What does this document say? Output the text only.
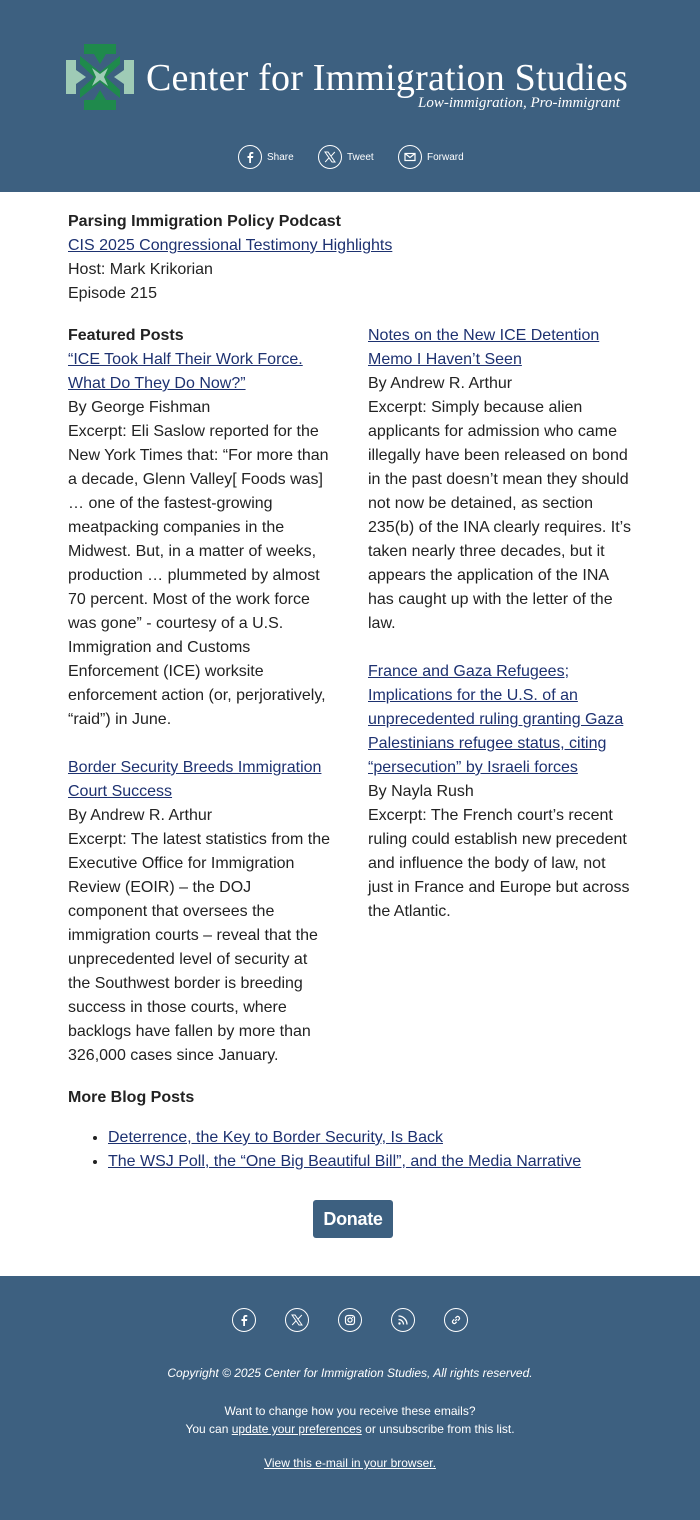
Center for Immigration Studies
Low-immigration, Pro-immigrant
Share	Tweet	Forward
Parsing Immigration Policy Podcast
CIS 2025 Congressional Testimony Highlights
Host: Mark Krikorian
Episode 215
Featured Posts
“ICE Took Half Their Work Force. What Do They Do Now?”
By George Fishman
Excerpt: Eli Saslow reported for the New York Times that: “For more than a decade, Glenn Valley[ Foods was] … one of the fastest-growing meatpacking companies in the Midwest. But, in a matter of weeks, production … plummeted by almost 70 percent. Most of the work force was gone” - courtesy of a U.S. Immigration and Customs Enforcement (ICE) worksite enforcement action (or, perjoratively, “raid”) in June.
Border Security Breeds Immigration Court Success
By Andrew R. Arthur
Excerpt: The latest statistics from the Executive Office for Immigration Review (EOIR) – the DOJ component that oversees the immigration courts – reveal that the unprecedented level of security at the Southwest border is breeding success in those courts, where backlogs have fallen by more than 326,000 cases since January.
Notes on the New ICE Detention Memo I Haven’t Seen
By Andrew R. Arthur
Excerpt: Simply because alien applicants for admission who came illegally have been released on bond in the past doesn’t mean they should not now be detained, as section 235(b) of the INA clearly requires. It’s taken nearly three decades, but it appears the application of the INA has caught up with the letter of the law.
France and Gaza Refugees; Implications for the U.S. of an unprecedented ruling granting Gaza Palestinians refugee status, citing “persecution” by Israeli forces
By Nayla Rush
Excerpt: The French court’s recent ruling could establish new precedent and influence the body of law, not just in France and Europe but across the Atlantic.
More Blog Posts
• Deterrence, the Key to Border Security, Is Back
• The WSJ Poll, the “One Big Beautiful Bill”, and the Media Narrative
Donate
Copyright © 2025 Center for Immigration Studies, All rights reserved.
Want to change how you receive these emails?
You can update your preferences or unsubscribe from this list.
View this e-mail in your browser.
